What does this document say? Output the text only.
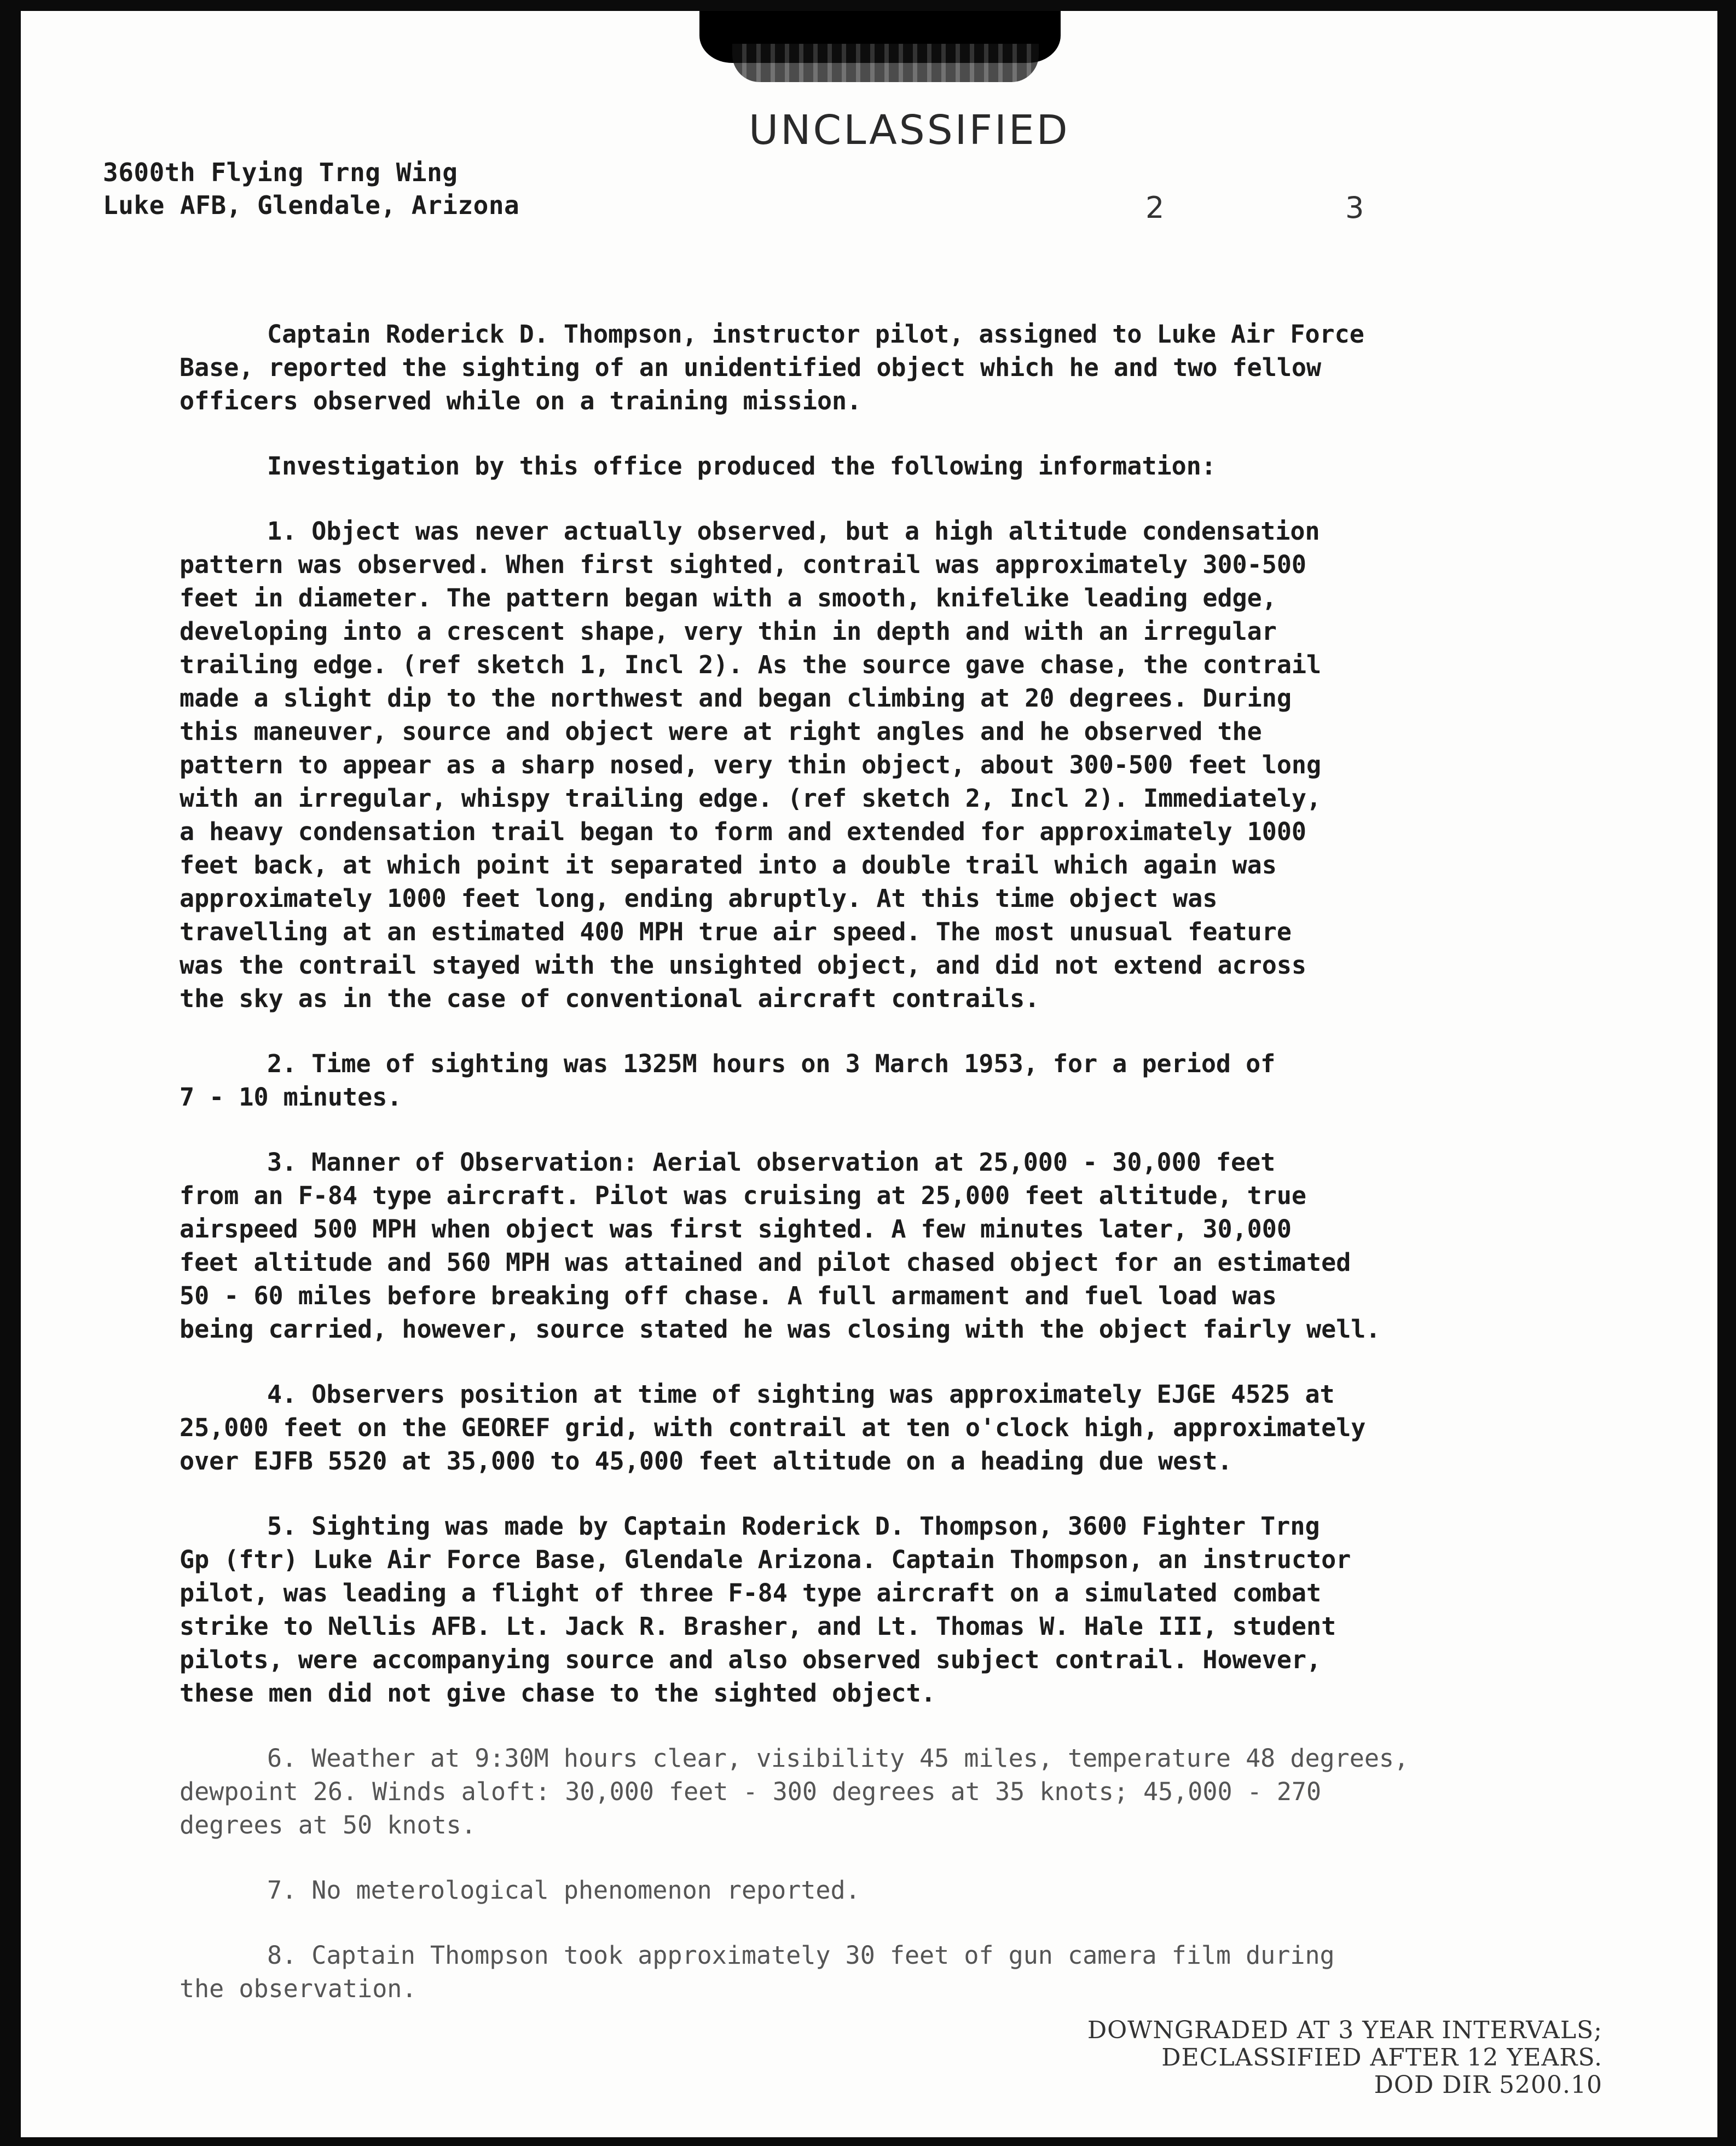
UNCLASSIFIED
3600th Flying Trng Wing
Luke AFB, Glendale, Arizona	2	3

Captain Roderick D. Thompson, instructor pilot, assigned to Luke Air Force
Base, reported the sighting of an unidentified object which he and two fellow
officers observed while on a training mission.

Investigation by this office produced the following information:

1. Object was never actually observed, but a high altitude condensation
pattern was observed. When first sighted, contrail was approximately 300-500
feet in diameter. The pattern began with a smooth, knifelike leading edge,
developing into a crescent shape, very thin in depth and with an irregular
trailing edge. (ref sketch 1, Incl 2). As the source gave chase, the contrail
made a slight dip to the northwest and began climbing at 20 degrees. During
this maneuver, source and object were at right angles and he observed the
pattern to appear as a sharp nosed, very thin object, about 300-500 feet long
with an irregular, whispy trailing edge. (ref sketch 2, Incl 2). Immediately,
a heavy condensation trail began to form and extended for approximately 1000
feet back, at which point it separated into a double trail which again was
approximately 1000 feet long, ending abruptly. At this time object was
travelling at an estimated 400 MPH true air speed. The most unusual feature
was the contrail stayed with the unsighted object, and did not extend across
the sky as in the case of conventional aircraft contrails.

2. Time of sighting was 1325M hours on 3 March 1953, for a period of
7 - 10 minutes.

3. Manner of Observation: Aerial observation at 25,000 - 30,000 feet
from an F-84 type aircraft. Pilot was cruising at 25,000 feet altitude, true
airspeed 500 MPH when object was first sighted. A few minutes later, 30,000
feet altitude and 560 MPH was attained and pilot chased object for an estimated
50 - 60 miles before breaking off chase. A full armament and fuel load was
being carried, however, source stated he was closing with the object fairly well.

4. Observers position at time of sighting was approximately EJGE 4525 at
25,000 feet on the GEOREF grid, with contrail at ten o'clock high, approximately
over EJFB 5520 at 35,000 to 45,000 feet altitude on a heading due west.

5. Sighting was made by Captain Roderick D. Thompson, 3600 Fighter Trng
Gp (ftr) Luke Air Force Base, Glendale Arizona. Captain Thompson, an instructor
pilot, was leading a flight of three F-84 type aircraft on a simulated combat
strike to Nellis AFB. Lt. Jack R. Brasher, and Lt. Thomas W. Hale III, student
pilots, were accompanying source and also observed subject contrail. However,
these men did not give chase to the sighted object.

6. Weather at 9:30M hours clear, visibility 45 miles, temperature 48 degrees,
dewpoint 26. Winds aloft: 30,000 feet - 300 degrees at 35 knots; 45,000 - 270
degrees at 50 knots.

7. No meterological phenomenon reported.

8. Captain Thompson took approximately 30 feet of gun camera film during
the observation.

DOWNGRADED AT 3 YEAR INTERVALS;
DECLASSIFIED AFTER 12 YEARS.
DOD DIR 5200.10
